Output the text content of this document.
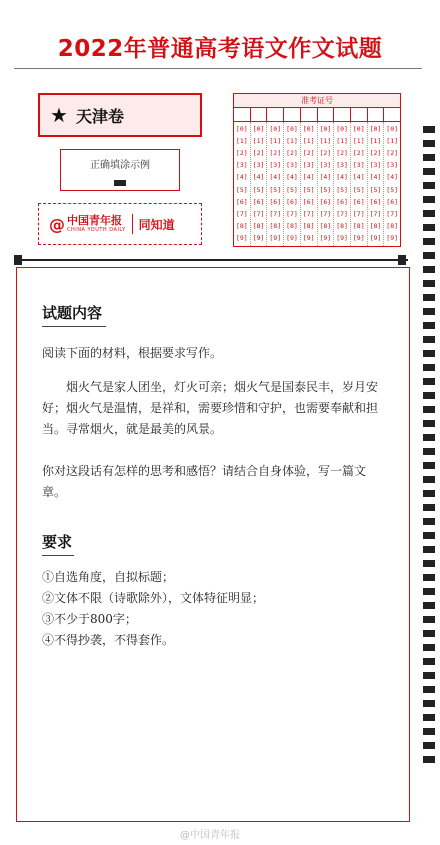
2022年普通高考语文作文试题
★ 天津卷
正确填涂示例
@ 中国青年报
CHINA YOUTH DAILY 同知道
准考证号
[0]
[1]
[2]
[3]
[4]
[5]
[6]
[7]
[8]
[9]
[0]
[1]
[2]
[3]
[4]
[5]
[6]
[7]
[8]
[9]
[0]
[1]
[2]
[3]
[4]
[5]
[6]
[7]
[8]
[9]
[0]
[1]
[2]
[3]
[4]
[5]
[6]
[7]
[8]
[9]
[0]
[1]
[2]
[3]
[4]
[5]
[6]
[7]
[8]
[9]
[0]
[1]
[2]
[3]
[4]
[5]
[6]
[7]
[8]
[9]
[0]
[1]
[2]
[3]
[4]
[5]
[6]
[7]
[8]
[9]
[0]
[1]
[2]
[3]
[4]
[5]
[6]
[7]
[8]
[9]
[0]
[1]
[2]
[3]
[4]
[5]
[6]
[7]
[8]
[9]
[0]
[1]
[2]
[3]
[4]
[5]
[6]
[7]
[8]
[9]
试题内容

阅读下面的材料，根据要求写作。

烟火气是家人团坐，灯火可亲；烟火气是国泰民丰，岁月安好；烟火气是温情，是祥和，需要珍惜和守护，也需要奉献和担当。寻常烟火，就是最美的风景。

你对这段话有怎样的思考和感悟？请结合自身体验，写一篇文章。

要求
①自选角度，自拟标题；
②文体不限（诗歌除外），文体特征明显；
③不少于800字；
④不得抄袭，不得套作。
@中国青年报
